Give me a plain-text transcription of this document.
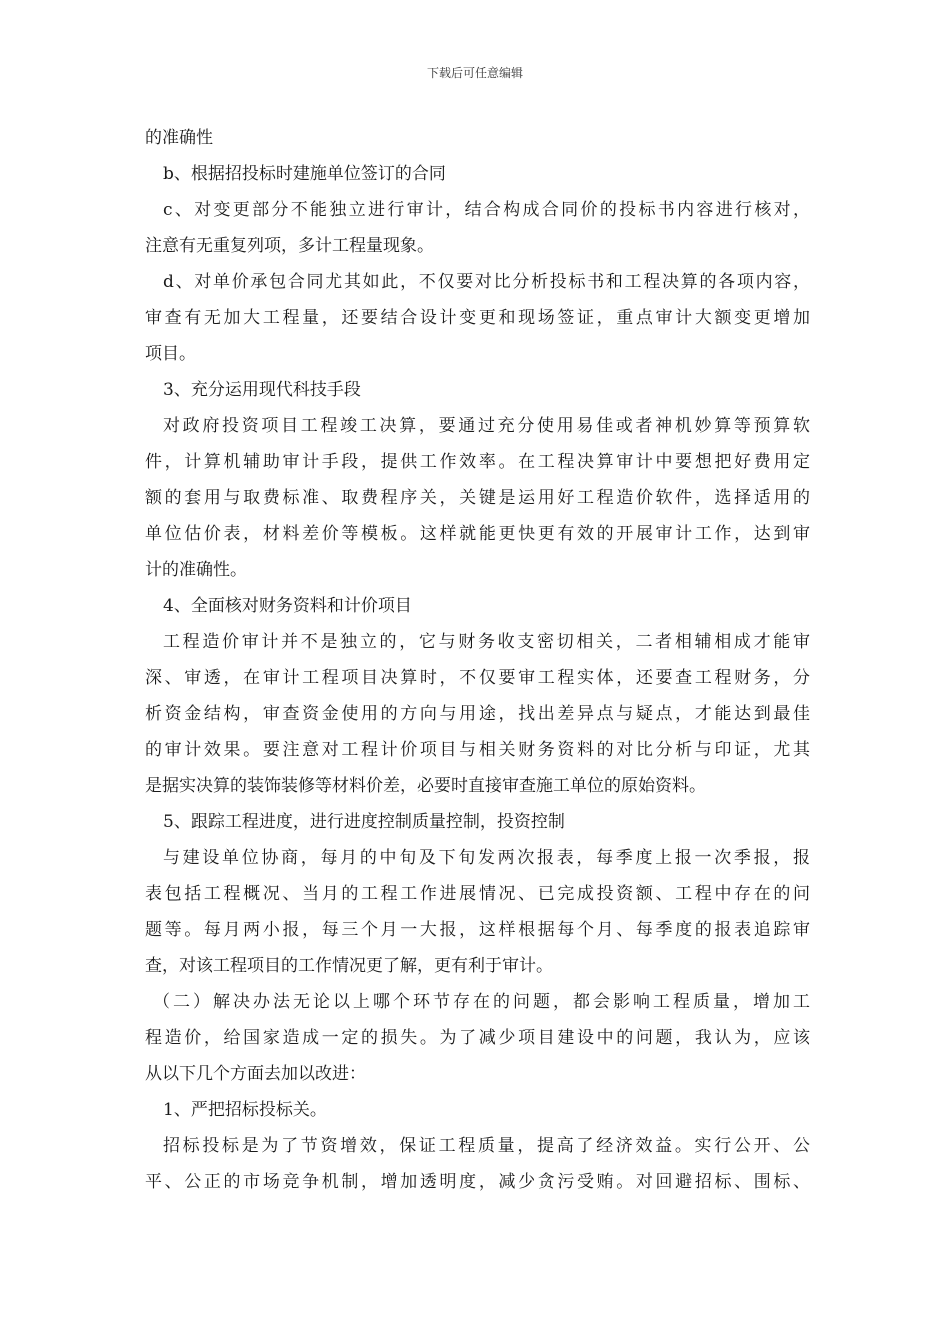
下载后可任意编辑
的准确性
b、根据招投标时建施单位签订的合同
c、对变更部分不能独立进行审计，结合构成合同价的投标书内容进行核对，
注意有无重复列项，多计工程量现象。
d、对单价承包合同尤其如此，不仅要对比分析投标书和工程决算的各项内容，
审查有无加大工程量，还要结合设计变更和现场签证，重点审计大额变更增加
项目。
3、充分运用现代科技手段
对政府投资项目工程竣工决算，要通过充分使用易佳或者神机妙算等预算软
件，计算机辅助审计手段，提供工作效率。在工程决算审计中要想把好费用定
额的套用与取费标准、取费程序关，关键是运用好工程造价软件，选择适用的
单位估价表，材料差价等模板。这样就能更快更有效的开展审计工作，达到审
计的准确性。
4、全面核对财务资料和计价项目
工程造价审计并不是独立的，它与财务收支密切相关，二者相辅相成才能审
深、审透，在审计工程项目决算时，不仅要审工程实体，还要查工程财务，分
析资金结构，审查资金使用的方向与用途，找出差异点与疑点，才能达到最佳
的审计效果。要注意对工程计价项目与相关财务资料的对比分析与印证，尤其
是据实决算的装饰装修等材料价差，必要时直接审查施工单位的原始资料。
5、跟踪工程进度，进行进度控制质量控制，投资控制
与建设单位协商，每月的中旬及下旬发两次报表，每季度上报一次季报，报
表包括工程概况、当月的工程工作进展情况、已完成投资额、工程中存在的问
题等。每月两小报，每三个月一大报，这样根据每个月、每季度的报表追踪审
查，对该工程项目的工作情况更了解，更有利于审计。
（二）解决办法无论以上哪个环节存在的问题，都会影响工程质量，增加工
程造价，给国家造成一定的损失。为了减少项目建设中的问题，我认为，应该
从以下几个方面去加以改进：
1、严把招标投标关。
招标投标是为了节资增效，保证工程质量，提高了经济效益。实行公开、公
平、公正的市场竞争机制，增加透明度，减少贪污受贿。对回避招标、围标、
